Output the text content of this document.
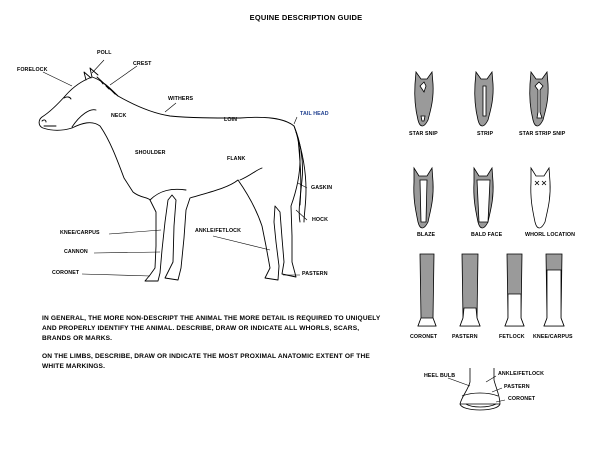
EQUINE DESCRIPTION GUIDE
POLL
FORELOCK
CREST
WITHERS
NECK
LOIN
TAIL HEAD
SHOULDER
FLANK
GASKIN
HOCK
KNEE/CARPUS	ANKLE/FETLOCK
CANNON
CORONET	PASTERN
STAR SNIP	STRIP	STAR STRIP SNIP
BLAZE	BALD FACE	WHORL LOCATION
CORONET	PASTERN	FETLOCK KNEE/CARPUS
HEEL BULB	ANKLE/FETLOCK
PASTERN
CORONET
IN GENERAL, THE MORE NON-DESCRIPT THE ANIMAL THE MORE DETAIL IS REQUIRED TO UNIQUELY AND PROPERLY IDENTIFY THE ANIMAL. DESCRIBE, DRAW OR INDICATE ALL WHORLS, SCARS, BRANDS OR MARKS.
ON THE LIMBS, DESCRIBE, DRAW OR INDICATE THE MOST PROXIMAL ANATOMIC EXTENT OF THE WHITE MARKINGS.
